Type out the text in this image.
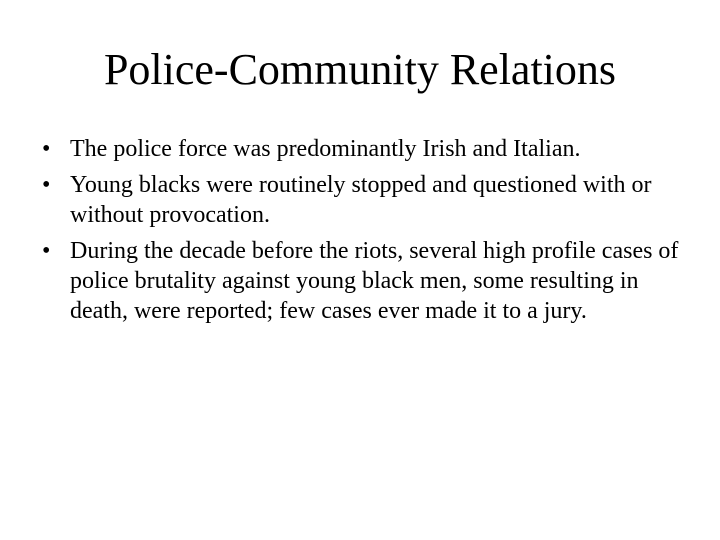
Police-Community Relations
• The police force was predominantly Irish and Italian.
• Young blacks were routinely stopped and questioned with or without provocation.
• During the decade before the riots, several high profile cases of police brutality against young black men, some resulting in death, were reported; few cases ever made it to a jury.
